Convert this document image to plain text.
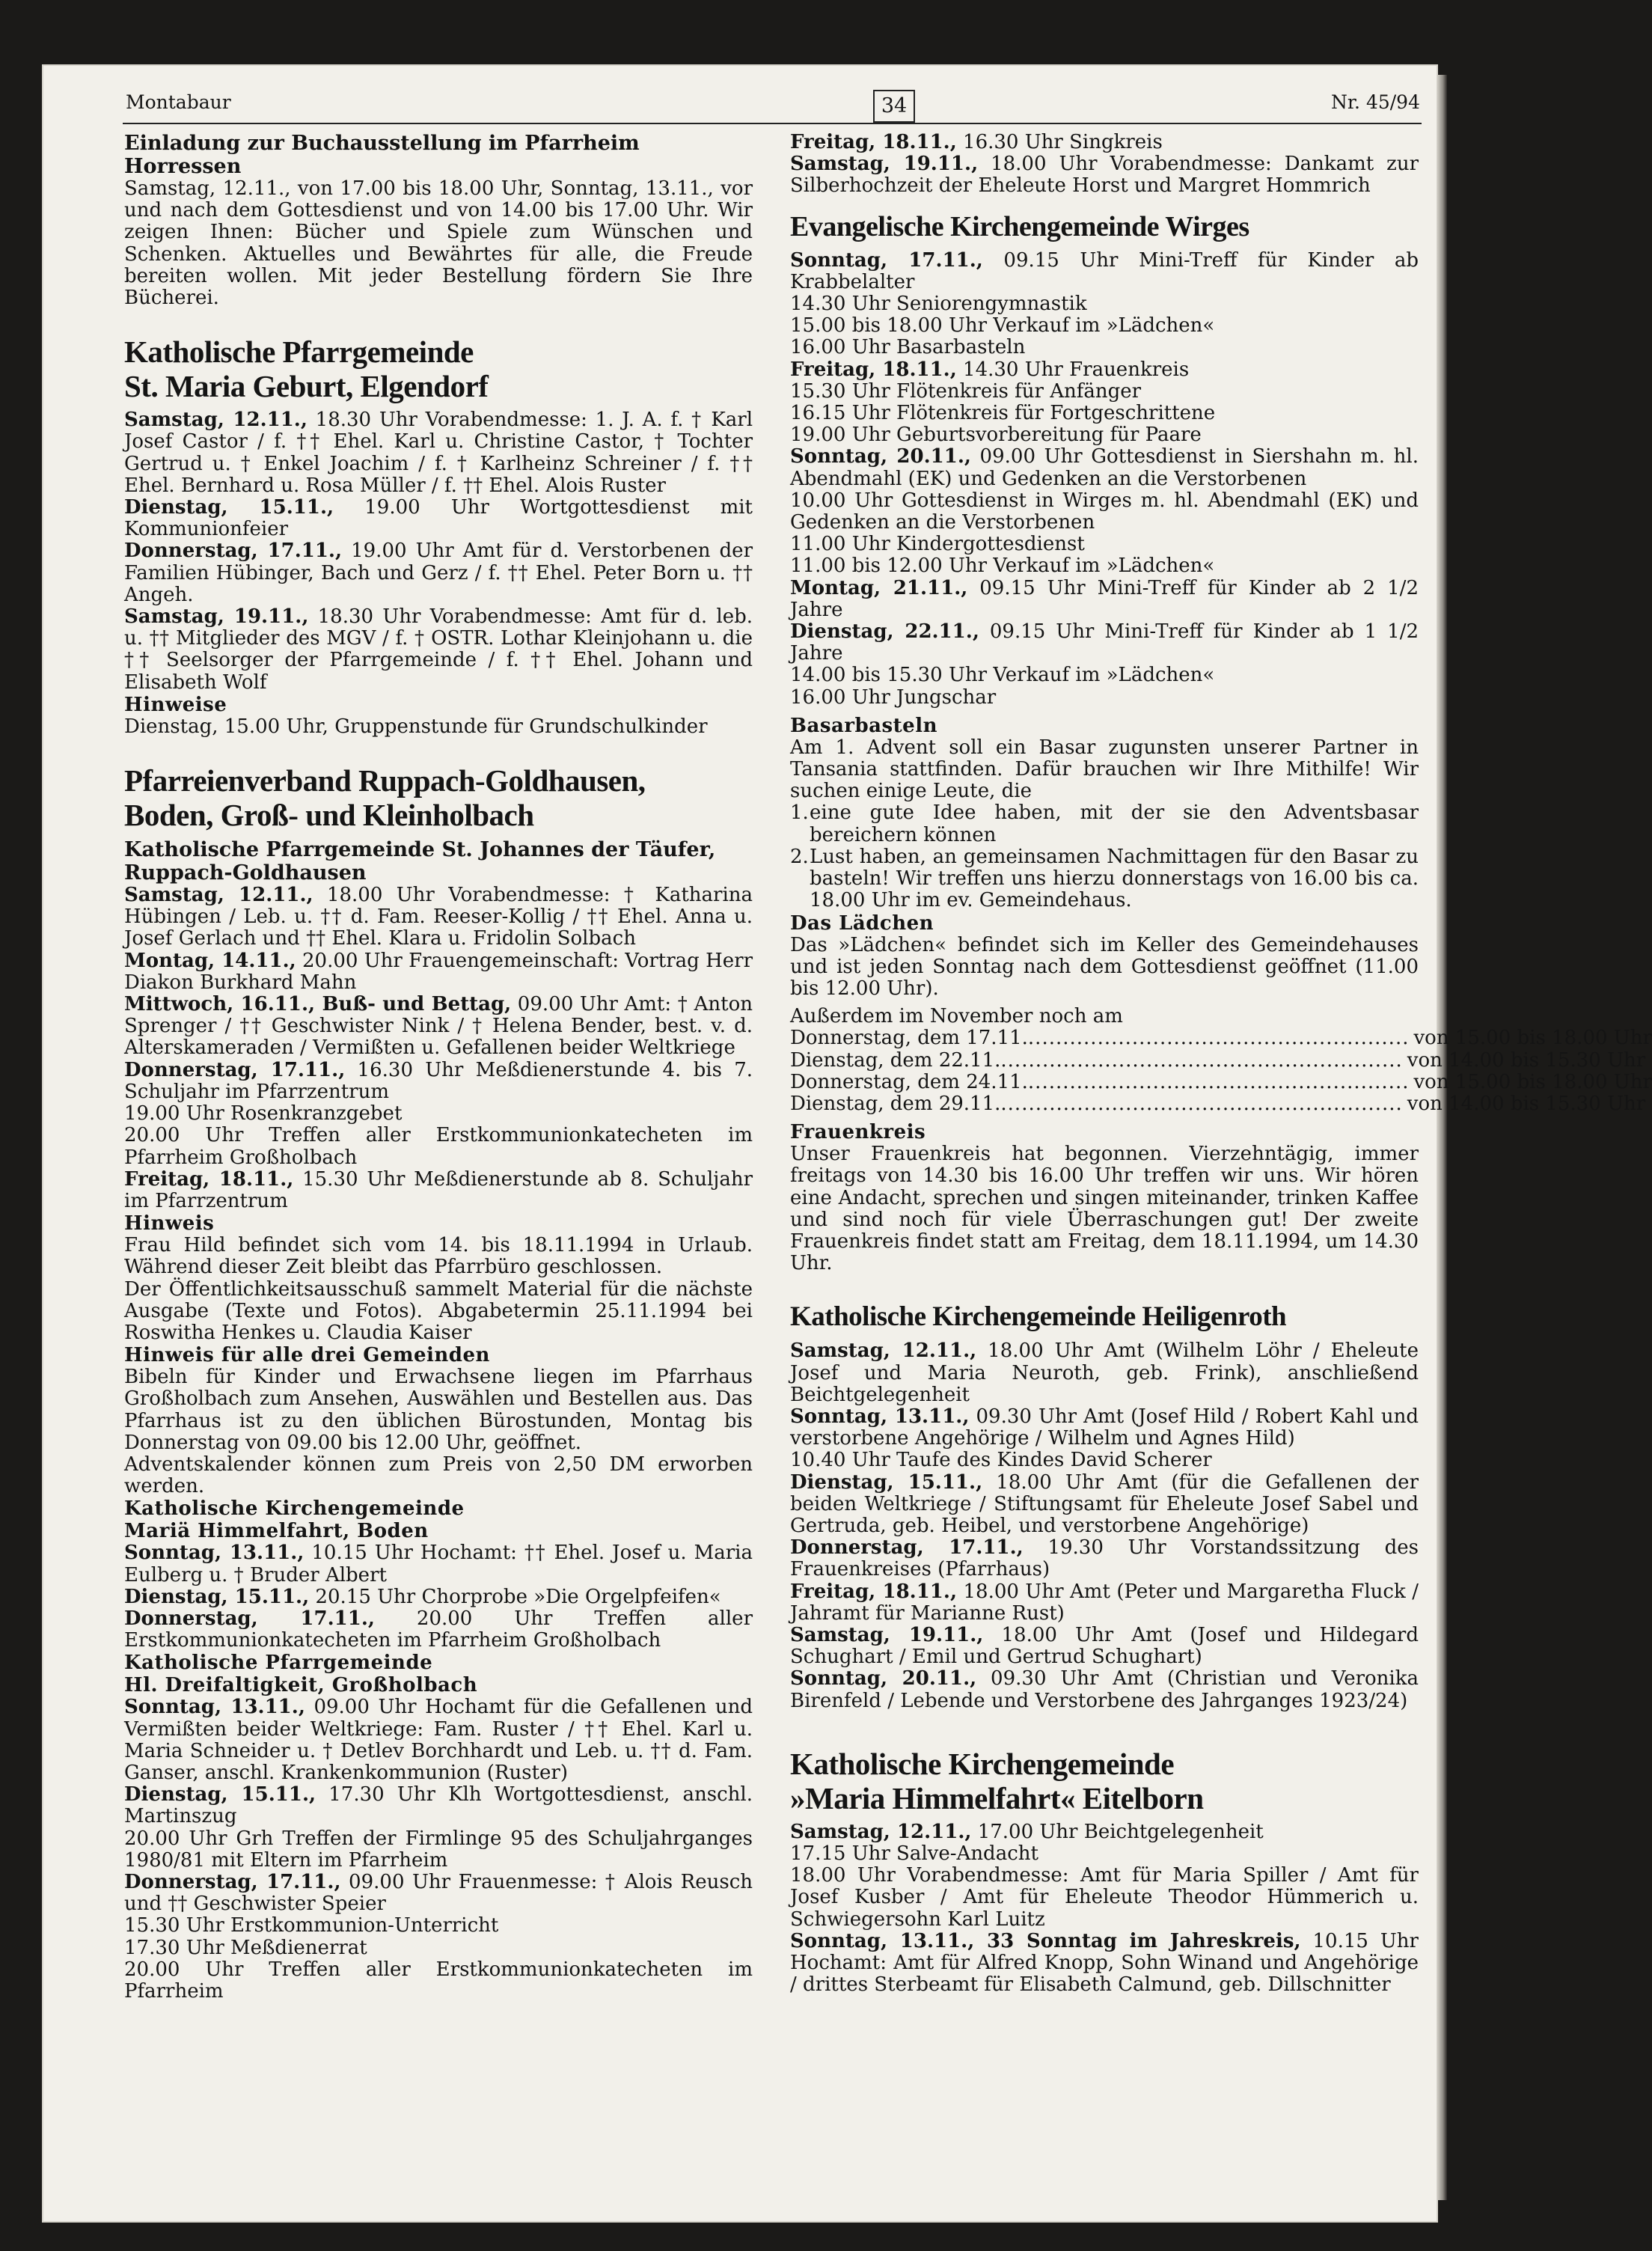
Montabaur	34	Nr. 45/94

Einladung zur Buchausstellung im Pfarrheim Horressen

Samstag, 12.11., von 17.00 bis 18.00 Uhr, Sonntag, 13.11., vor und nach dem Gottesdienst und von 14.00 bis 17.00 Uhr. Wir zeigen Ihnen: Bücher und Spiele zum Wünschen und Schenken. Aktuelles und Bewährtes für alle, die Freude bereiten wollen. Mit jeder Bestellung fördern Sie Ihre Bücherei.

Katholische Pfarrgemeinde

St. Maria Geburt, Elgendorf

Samstag, 12.11., 18.30 Uhr Vorabendmesse: 1. J. A. f. † Karl Josef Castor / f. †† Ehel. Karl u. Christine Castor, † Tochter Gertrud u. † Enkel Joachim / f. † Karlheinz Schreiner / f. †† Ehel. Bernhard u. Rosa Müller / f. †† Ehel. Alois Ruster

Dienstag, 15.11., 19.00 Uhr Wortgottesdienst mit Kommunionfeier

Donnerstag, 17.11., 19.00 Uhr Amt für d. Verstorbenen der Familien Hübinger, Bach und Gerz / f. †† Ehel. Peter Born u. †† Angeh.

Samstag, 19.11., 18.30 Uhr Vorabendmesse: Amt für d. leb. u. †† Mitglieder des MGV / f. † OSTR. Lothar Kleinjohann u. die †† Seelsorger der Pfarrgemeinde / f. †† Ehel. Johann und Elisabeth Wolf

Hinweise

Dienstag, 15.00 Uhr, Gruppenstunde für Grundschulkinder

Pfarreienverband Ruppach-Goldhausen,

Boden, Groß- und Kleinholbach

Katholische Pfarrgemeinde St. Johannes der Täufer,

Ruppach-Goldhausen

Samstag, 12.11., 18.00 Uhr Vorabendmesse: † Katharina Hübingen / Leb. u. †† d. Fam. Reeser-Kollig / †† Ehel. Anna u. Josef Gerlach und †† Ehel. Klara u. Fridolin Solbach

Montag, 14.11., 20.00 Uhr Frauengemeinschaft: Vortrag Herr Diakon Burkhard Mahn

Mittwoch, 16.11., Buß- und Bettag, 09.00 Uhr Amt: † Anton Sprenger / †† Geschwister Nink / † Helena Bender, best. v. d. Alterskameraden / Vermißten u. Gefallenen beider Weltkriege

Donnerstag, 17.11., 16.30 Uhr Meßdienerstunde 4. bis 7. Schuljahr im Pfarrzentrum

19.00 Uhr Rosenkranzgebet

20.00 Uhr Treffen aller Erstkommunionkatecheten im Pfarrheim Großholbach

Freitag, 18.11., 15.30 Uhr Meßdienerstunde ab 8. Schuljahr im Pfarrzentrum

Hinweis

Frau Hild befindet sich vom 14. bis 18.11.1994 in Urlaub. Während dieser Zeit bleibt das Pfarrbüro geschlossen.

Der Öffentlichkeitsausschuß sammelt Material für die nächste Ausgabe (Texte und Fotos). Abgabetermin 25.11.1994 bei Roswitha Henkes u. Claudia Kaiser

Hinweis für alle drei Gemeinden

Bibeln für Kinder und Erwachsene liegen im Pfarrhaus Großholbach zum Ansehen, Auswählen und Bestellen aus. Das Pfarrhaus ist zu den üblichen Bürostunden, Montag bis Donnerstag von 09.00 bis 12.00 Uhr, geöffnet.

Adventskalender können zum Preis von 2,50 DM erworben werden.

Katholische Kirchengemeinde

Mariä Himmelfahrt, Boden

Sonntag, 13.11., 10.15 Uhr Hochamt: †† Ehel. Josef u. Maria Eulberg u. † Bruder Albert

Dienstag, 15.11., 20.15 Uhr Chorprobe »Die Orgelpfeifen«

Donnerstag, 17.11., 20.00 Uhr Treffen aller Erstkommunionkatecheten im Pfarrheim Großholbach

Katholische Pfarrgemeinde

Hl. Dreifaltigkeit, Großholbach

Sonntag, 13.11., 09.00 Uhr Hochamt für die Gefallenen und Vermißten beider Weltkriege: Fam. Ruster / †† Ehel. Karl u. Maria Schneider u. † Detlev Borchhardt und Leb. u. †† d. Fam. Ganser, anschl. Krankenkommunion (Ruster)

Dienstag, 15.11., 17.30 Uhr Klh Wortgottesdienst, anschl. Martinszug

20.00 Uhr Grh Treffen der Firmlinge 95 des Schuljahrganges 1980/81 mit Eltern im Pfarrheim

Donnerstag, 17.11., 09.00 Uhr Frauenmesse: † Alois Reusch und †† Geschwister Speier

15.30 Uhr Erstkommunion-Unterricht

17.30 Uhr Meßdienerrat

20.00 Uhr Treffen aller Erstkommunionkatecheten im Pfarrheim

Freitag, 18.11., 16.30 Uhr Singkreis

Samstag, 19.11., 18.00 Uhr Vorabendmesse: Dankamt zur Silberhochzeit der Eheleute Horst und Margret Hommrich

Evangelische Kirchengemeinde Wirges

Sonntag, 17.11., 09.15 Uhr Mini-Treff für Kinder ab Krabbelalter

14.30 Uhr Seniorengymnastik

15.00 bis 18.00 Uhr Verkauf im »Lädchen«

16.00 Uhr Basarbasteln

Freitag, 18.11., 14.30 Uhr Frauenkreis

15.30 Uhr Flötenkreis für Anfänger

16.15 Uhr Flötenkreis für Fortgeschrittene

19.00 Uhr Geburtsvorbereitung für Paare

Sonntag, 20.11., 09.00 Uhr Gottesdienst in Siershahn m. hl. Abendmahl (EK) und Gedenken an die Verstorbenen

10.00 Uhr Gottesdienst in Wirges m. hl. Abendmahl (EK) und Gedenken an die Verstorbenen

11.00 Uhr Kindergottesdienst

11.00 bis 12.00 Uhr Verkauf im »Lädchen«

Montag, 21.11., 09.15 Uhr Mini-Treff für Kinder ab 2 1/2 Jahre

Dienstag, 22.11., 09.15 Uhr Mini-Treff für Kinder ab 1 1/2 Jahre

14.00 bis 15.30 Uhr Verkauf im »Lädchen«

16.00 Uhr Jungschar

Basarbasteln

Am 1. Advent soll ein Basar zugunsten unserer Partner in Tansania stattfinden. Dafür brauchen wir Ihre Mithilfe! Wir suchen einige Leute, die

1. eine gute Idee haben, mit der sie den Adventsbasar bereichern können
2. Lust haben, an gemeinsamen Nachmittagen für den Basar zu basteln! Wir treffen uns hierzu donnerstags von 16.00 bis ca. 18.00 Uhr im ev. Gemeindehaus.

Das Lädchen

Das »Lädchen« befindet sich im Keller des Gemeindehauses und ist jeden Sonntag nach dem Gottesdienst geöffnet (11.00 bis 12.00 Uhr).

Außerdem im November noch am

Donnerstag, dem 17.11. ....................................................... von 15.00 bis 18.00 Uhr
Dienstag, dem 22.11. .......................................................... von 14.00 bis 15.30 Uhr
Donnerstag, dem 24.11. ....................................................... von 15.00 bis 18.00 Uhr
Dienstag, dem 29.11. .......................................................... von 14.00 bis 15.30 Uhr

Frauenkreis

Unser Frauenkreis hat begonnen. Vierzehntägig, immer freitags von 14.30 bis 16.00 Uhr treffen wir uns. Wir hören eine Andacht, sprechen und singen miteinander, trinken Kaffee und sind noch für viele Überraschungen gut! Der zweite Frauenkreis findet statt am Freitag, dem 18.11.1994, um 14.30 Uhr.

Katholische Kirchengemeinde Heiligenroth

Samstag, 12.11., 18.00 Uhr Amt (Wilhelm Löhr / Eheleute Josef und Maria Neuroth, geb. Frink), anschließend Beichtgelegenheit

Sonntag, 13.11., 09.30 Uhr Amt (Josef Hild / Robert Kahl und verstorbene Angehörige / Wilhelm und Agnes Hild)

10.40 Uhr Taufe des Kindes David Scherer

Dienstag, 15.11., 18.00 Uhr Amt (für die Gefallenen der beiden Weltkriege / Stiftungsamt für Eheleute Josef Sabel und Gertruda, geb. Heibel, und verstorbene Angehörige)

Donnerstag, 17.11., 19.30 Uhr Vorstandssitzung des Frauenkreises (Pfarrhaus)

Freitag, 18.11., 18.00 Uhr Amt (Peter und Margaretha Fluck / Jahramt für Marianne Rust)

Samstag, 19.11., 18.00 Uhr Amt (Josef und Hildegard Schughart / Emil und Gertrud Schughart)

Sonntag, 20.11., 09.30 Uhr Amt (Christian und Veronika Birenfeld / Lebende und Verstorbene des Jahrganges 1923/24)

Katholische Kirchengemeinde

»Maria Himmelfahrt« Eitelborn

Samstag, 12.11., 17.00 Uhr Beichtgelegenheit

17.15 Uhr Salve-Andacht

18.00 Uhr Vorabendmesse: Amt für Maria Spiller / Amt für Josef Kusber / Amt für Eheleute Theodor Hümmerich u. Schwiegersohn Karl Luitz

Sonntag, 13.11., 33 Sonntag im Jahreskreis, 10.15 Uhr Hochamt: Amt für Alfred Knopp, Sohn Winand und Angehörige / drittes Sterbeamt für Elisabeth Calmund, geb. Dillschnitter
